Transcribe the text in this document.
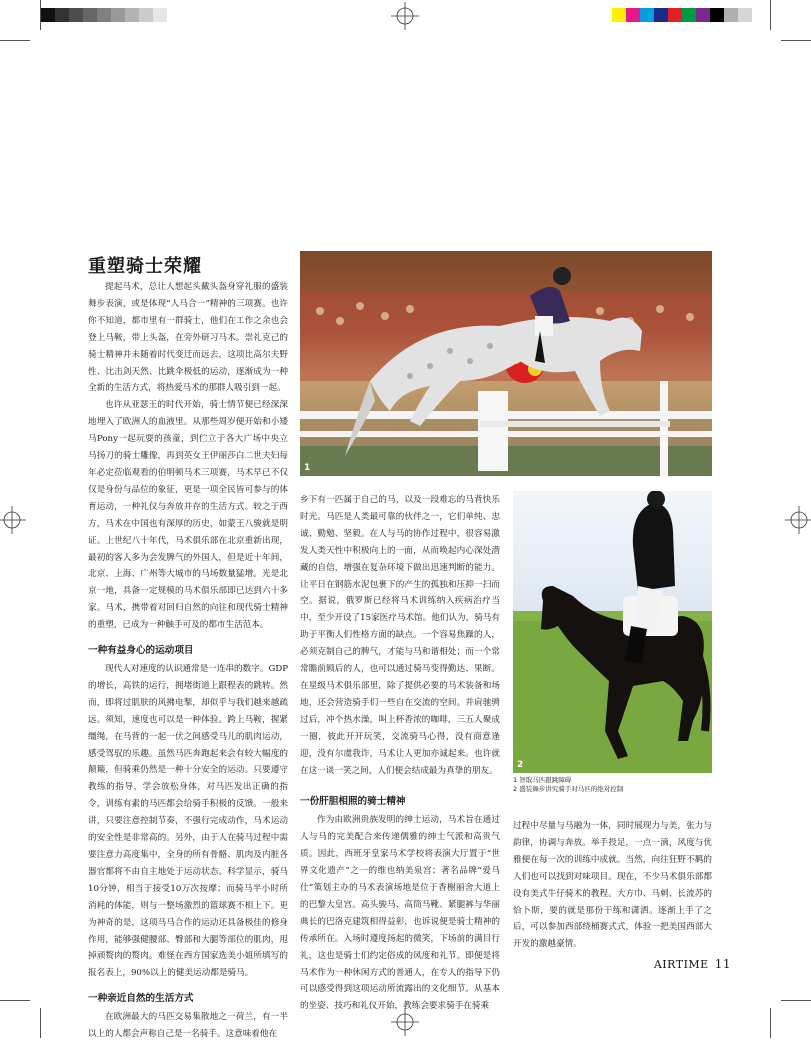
重塑骑士荣耀
1
2
1 智取马匹跟跳障碍
2 盛装舞步讲究骑手对马匹的绝对控制

提起马术，总让人想起头戴头盔身穿礼服的盛装舞步表演，或是体现“人马合一”精神的三项赛。也许你不知道，都市里有一群骑士，他们在工作之余也会登上马鞍，带上头盔，在旁外研习马术。崇礼克己的骑士精神并未随着时代变迁而远去，这项比高尔夫野性、比击剑天然、比跳伞极低的运动，逐渐成为一种全新的生活方式，将热爱马术的那群人吸引到一起。

也许从亚瑟王的时代开始，骑士情节便已经深深地埋入了欧洲人的血液里。从那些周岁便开始和小矮马Pony一起玩耍的孩童，到伫立于各大广场中央立马扬刀的骑士雕像，再到英女王伊丽莎白二世夫妇每年必定莅临观看的伯明顿马术三项赛，马术早已不仅仅是身份与品位的象征，更是一项全民皆可参与的体育运动，一种礼仪与奔放并存的生活方式。较之于西方，马术在中国也有深厚的历史，如蒙王八骏就是明证。上世纪八十年代，马术俱乐部在北京重新出现，最初的客人多为会发脾气的外国人，但是近十年间，北京、上海、广州等大城市的马场数量猛增。光是北京一地，具备一定规模的马术俱乐部即已达到六十多家。马术，携带着对回归自然的向往和现代骑士精神的重塑，已成为一种触手可及的都市生活范本。

一种有益身心的运动项目

现代人对速度的认识通常是一连串的数字。GDP的增长，高铁的运行，拥堵街道上跟程表的跳转。然而，即将过肌肤的风拂电掣，却似乎与我们越来越疏远。须知，速度也可以是一种体验。跨上马鞍，握紧缰绳，在马背的一起一伏之间感受马儿的肌肉运动，感受驾驭的乐趣。虽然马匹奔跑起来会有较大幅度的颠簸，但骑乘仍然是一种十分安全的运动。只要遵守教练的指导，学会放松身体，对马匹发出正确的指令，训练有素的马匹都会给骑手积极的反馈。一般来讲，只要注意控制节奏，不强行完成动作，马术运动的安全性是非常高的。另外，由于人在骑马过程中需要注意力高度集中，全身的所有骨骼、肌肉及内脏各器官都将不由自主地处于运动状态。科学显示，骑马10分钟，相当于接受10万次按摩；而骑马半小时所消耗的体能，则与一整场激烈的篮球赛不相上下。更为神奇的是，这项马马合作的运动还具备极佳的修身作用，能够强健腰部、臀部和大腿等部位的肌肉，甩掉顽赘肉的赘肉。难怪在西方国家选美小姐所填写的报名表上，90%以上的健美运动都是骑马。

一种亲近自然的生活方式

在欧洲最大的马匹交易集散地之一荷兰，有一半以上的人都会声称自己是一名骑手。这意味着他在

乡下有一匹属于自己的马，以及一段难忘的马背快乐时光。马匹是人类最可靠的伙伴之一，它们单纯、忠诚、勤勉、坚毅。在人与马的协作过程中，很容易激发人类天性中积极向上的一面，从而唤起内心深处潜藏的自信，增强在复杂环境下做出迅速判断的能力。让平日在钢筋水泥包裹下的产生的孤独和压抑一扫而空。据说，俄罗斯已经将马术训练纳入疾病治疗当中，至少开设了15家医疗马术馆。他们认为，骑马有助于平衡人们性格方面的缺点。一个容易焦躁的人，必须克制自己的脾气，才能与马和谐相处；而一个常常瞻前顾后的人，也可以通过骑马变得勤达、果断。在星级马术俱乐部里，除了提供必要的马术装备和场地，还会营造骑手们一些自在交流的空间。并肩驰骋过后，冲个热水澡，叫上杯香浓的咖啡，三五人聚成一圈，彼此开开玩笑，交流骑马心得，没有商意逢迎，没有尔虞我诈，马术让人更加亦诚起来。也许就在这一谈一笑之间，人们便会结成最为真挚的朋友。

一份肝胆相照的骑士精神

作为由欧洲贵族发明的绅士运动，马术旨在通过人与马的完美配合来传递儒雅的绅士气派和高贵气质。因此，西班牙皇家马术学校将表演大厅置于“世界文化遗产”之一的维也纳美泉宫；著名品牌“爱马仕”策划主办的马术表演场地是位于香榭丽舍大道上的巴黎大皇宫。高头骏马、高筒马靴、紧腿裤与华丽典长的巴洛克建筑相得益彰，也诉说便是骑士精神的传承所在。入场时遵度扬起的微笑，下场前的满目行礼，这也是骑士们约定俗成的风度和礼节。即便是将马术作为一种休闲方式的普通人，在专人的指导下仍可以感受得到这项运动所流露出的文化细节。从基本的坐姿、技巧和礼仪开始，教练会要求骑手在骑乘

过程中尽量与马融为一体，同时展现力与美，张力与韵律，协调与奔放。举手投足，一点一滴，风度与优雅便在每一次的训练中成就。当然，向往狂野不羁的人们也可以找到对味项目。现在，不少马术俱乐部都设有美式牛仔骑术的教程。大方巾、马刺、长流苏的恰卜斯，要的就是那份干练和潇洒。逐渐上手了之后，可以参加西部绕桶赛式式，体验一把美国西部大开发的激越豪情。

AIRTIME 11
